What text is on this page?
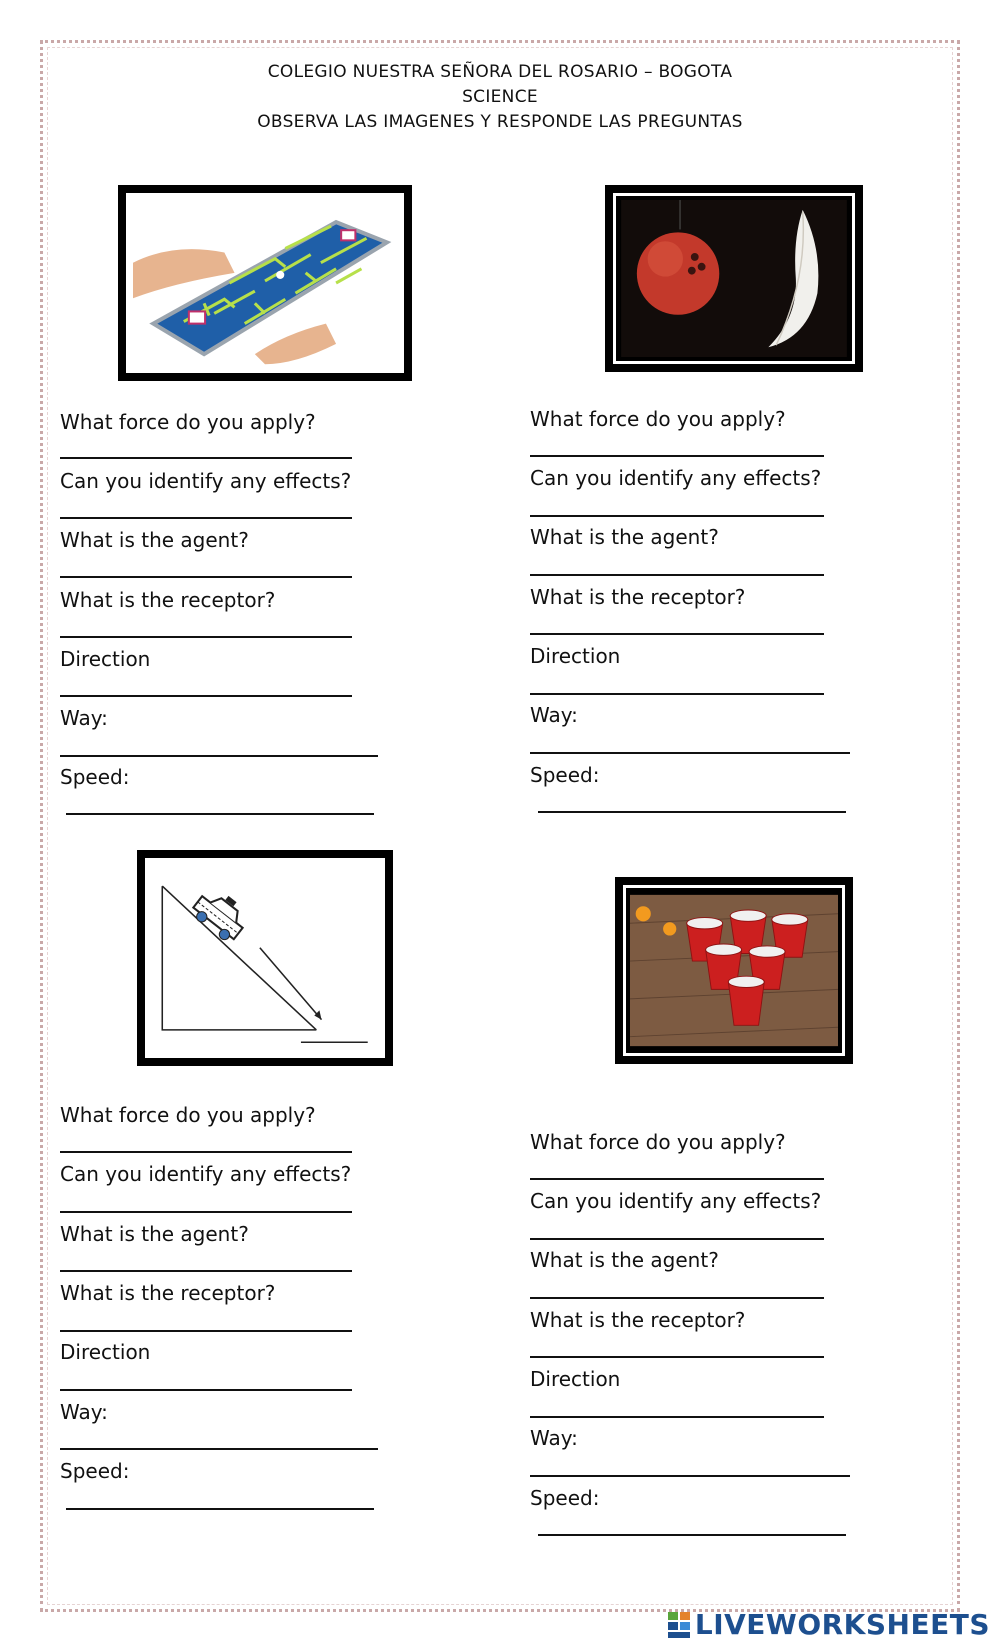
COLEGIO NUESTRA SEÑORA DEL ROSARIO – BOGOTA
SCIENCE
OBSERVA LAS IMAGENES Y RESPONDE LAS PREGUNTAS
What force do you apply?
Can you identify any effects?
What is the agent?
What is the receptor?
Direction
Way:
Speed:
What force do you apply?
Can you identify any effects?
What is the agent?
What is the receptor?
Direction
Way:
Speed:
What force do you apply?
Can you identify any effects?
What is the agent?
What is the receptor?
Direction
Way:
Speed:
What force do you apply?
Can you identify any effects?
What is the agent?
What is the receptor?
Direction
Way:
Speed:
LIVEWORKSHEETS
